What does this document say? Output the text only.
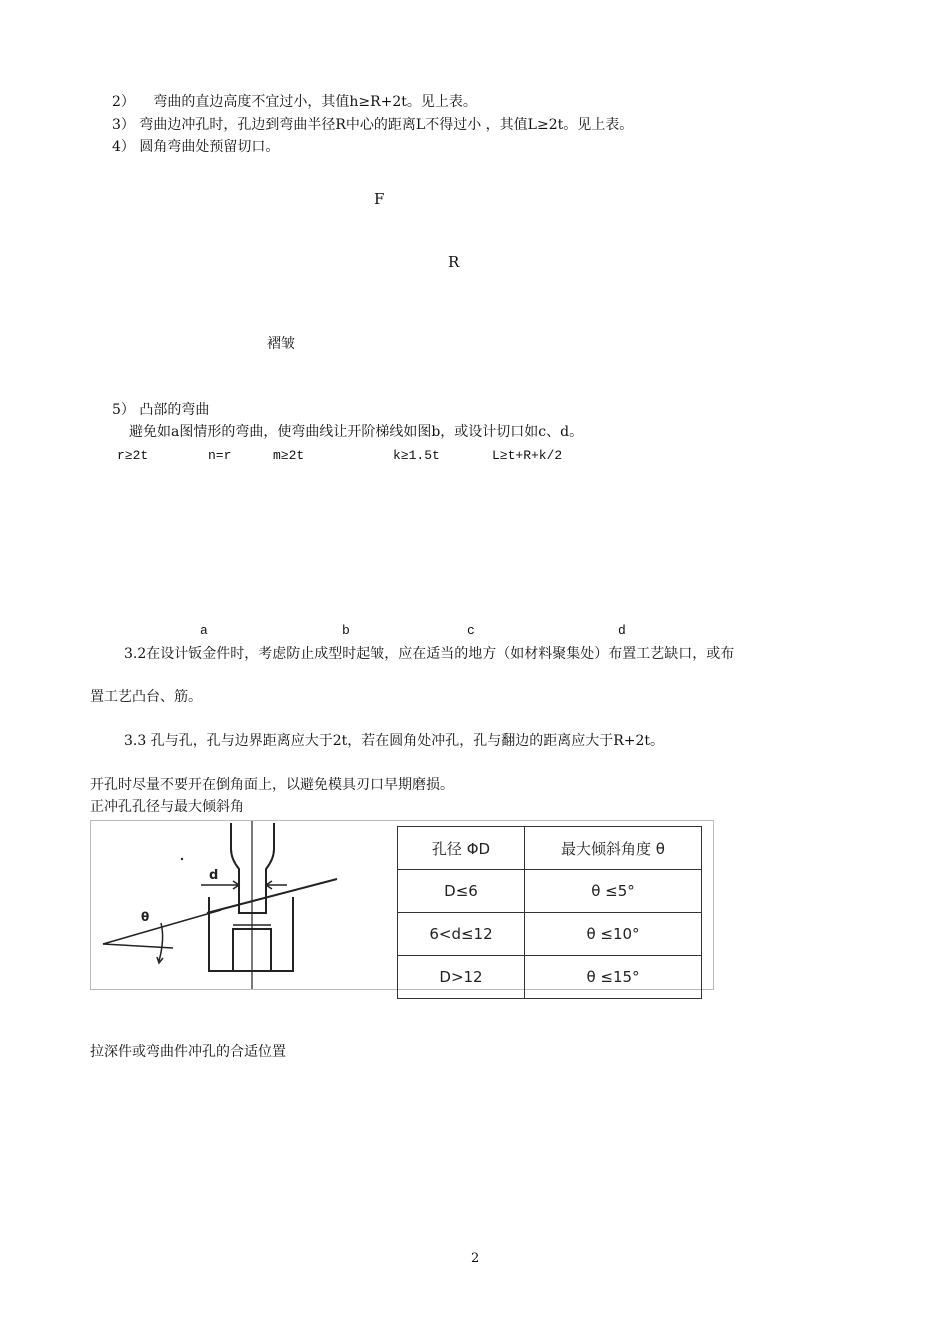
2） 弯曲的直边高度不宜过小，其值h≥R+2t。见上表。
3） 弯曲边冲孔时，孔边到弯曲半径R中心的距离L不得过小 ，其值L≥2t。见上表。
4） 圆角弯曲处预留切口。
F
R
褶皱
5） 凸部的弯曲
避免如a图情形的弯曲，使弯曲线让开阶梯线如图b，或设计切口如c、d。
r≥2t	n=r	m≥2t	k≥1.5t	L≥t+R+k/2
a	b	c	d
3.2在设计钣金件时，考虑防止成型时起皱，应在适当的地方（如材料聚集处）布置工艺缺口，或布
置工艺凸台、筋。
3.3 孔与孔，孔与边界距离应大于2t，若在圆角处冲孔，孔与翻边的距离应大于R+2t。
开孔时尽量不要开在倒角面上，以避免模具刃口早期磨损。
正冲孔孔径与最大倾斜角
d
θ
孔径 ΦD	最大倾斜角度 θ
D≤6	θ ≤5°
6<d≤12	θ ≤10°
D>12	θ ≤15°
拉深件或弯曲件冲孔的合适位置
2
